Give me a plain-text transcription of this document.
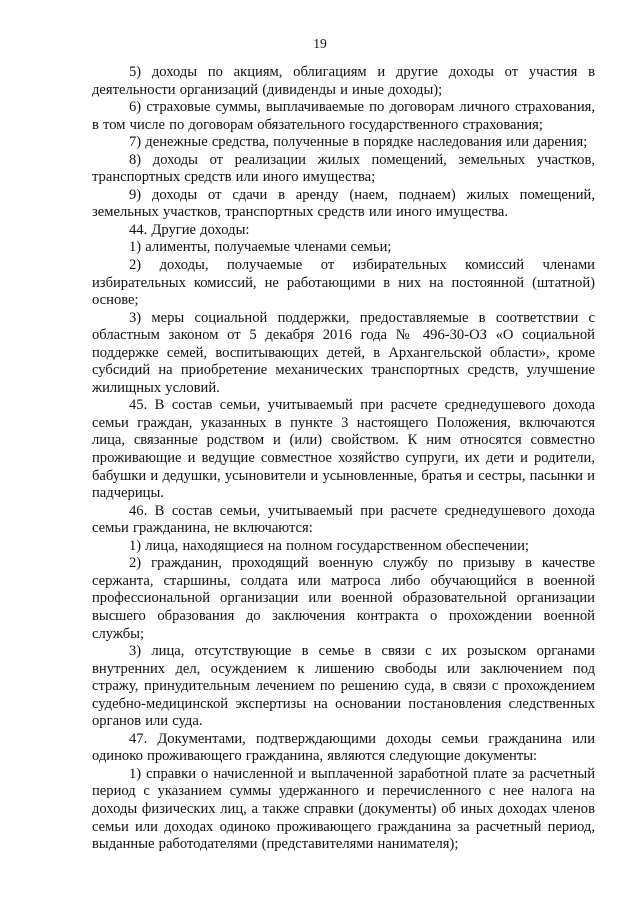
19

5) доходы по акциям, облигациям и другие доходы от участия в деятельности организаций (дивиденды и иные доходы);

6) страховые суммы, выплачиваемые по договорам личного страхования, в том числе по договорам обязательного государственного страхования;

7) денежные средства, полученные в порядке наследования или дарения;

8) доходы от реализации жилых помещений, земельных участков, транспортных средств или иного имущества;

9) доходы от сдачи в аренду (наем, поднаем) жилых помещений, земельных участков, транспортных средств или иного имущества.

44. Другие доходы:

1) алименты, получаемые членами семьи;

2) доходы, получаемые от избирательных комиссий членами избирательных комиссий, не работающими в них на постоянной (штатной) основе;

3) меры социальной поддержки, предоставляемые в соответствии с областным законом от 5 декабря 2016 года № 496-30-ОЗ «О социальной поддержке семей, воспитывающих детей, в Архангельской области», кроме субсидий на приобретение механических транспортных средств, улучшение жилищных условий.

45. В состав семьи, учитываемый при расчете среднедушевого дохода семьи граждан, указанных в пункте 3 настоящего Положения, включаются лица, связанные родством и (или) свойством. К ним относятся совместно проживающие и ведущие совместное хозяйство супруги, их дети и родители, бабушки и дедушки, усыновители и усыновленные, братья и сестры, пасынки и падчерицы.

46. В состав семьи, учитываемый при расчете среднедушевого дохода семьи гражданина, не включаются:

1) лица, находящиеся на полном государственном обеспечении;

2) гражданин, проходящий военную службу по призыву в качестве сержанта, старшины, солдата или матроса либо обучающийся в военной профессиональной организации или военной образовательной организации высшего образования до заключения контракта о прохождении военной службы;

3) лица, отсутствующие в семье в связи с их розыском органами внутренних дел, осуждением к лишению свободы или заключением под стражу, принудительным лечением по решению суда, в связи с прохождением судебно-медицинской экспертизы на основании постановления следственных органов или суда.

47. Документами, подтверждающими доходы семьи гражданина или одиноко проживающего гражданина, являются следующие документы:

1) справки о начисленной и выплаченной заработной плате за расчетный период с указанием суммы удержанного и перечисленного с нее налога на доходы физических лиц, а также справки (документы) об иных доходах членов семьи или доходах одиноко проживающего гражданина за расчетный период, выданные работодателями (представителями нанимателя);
